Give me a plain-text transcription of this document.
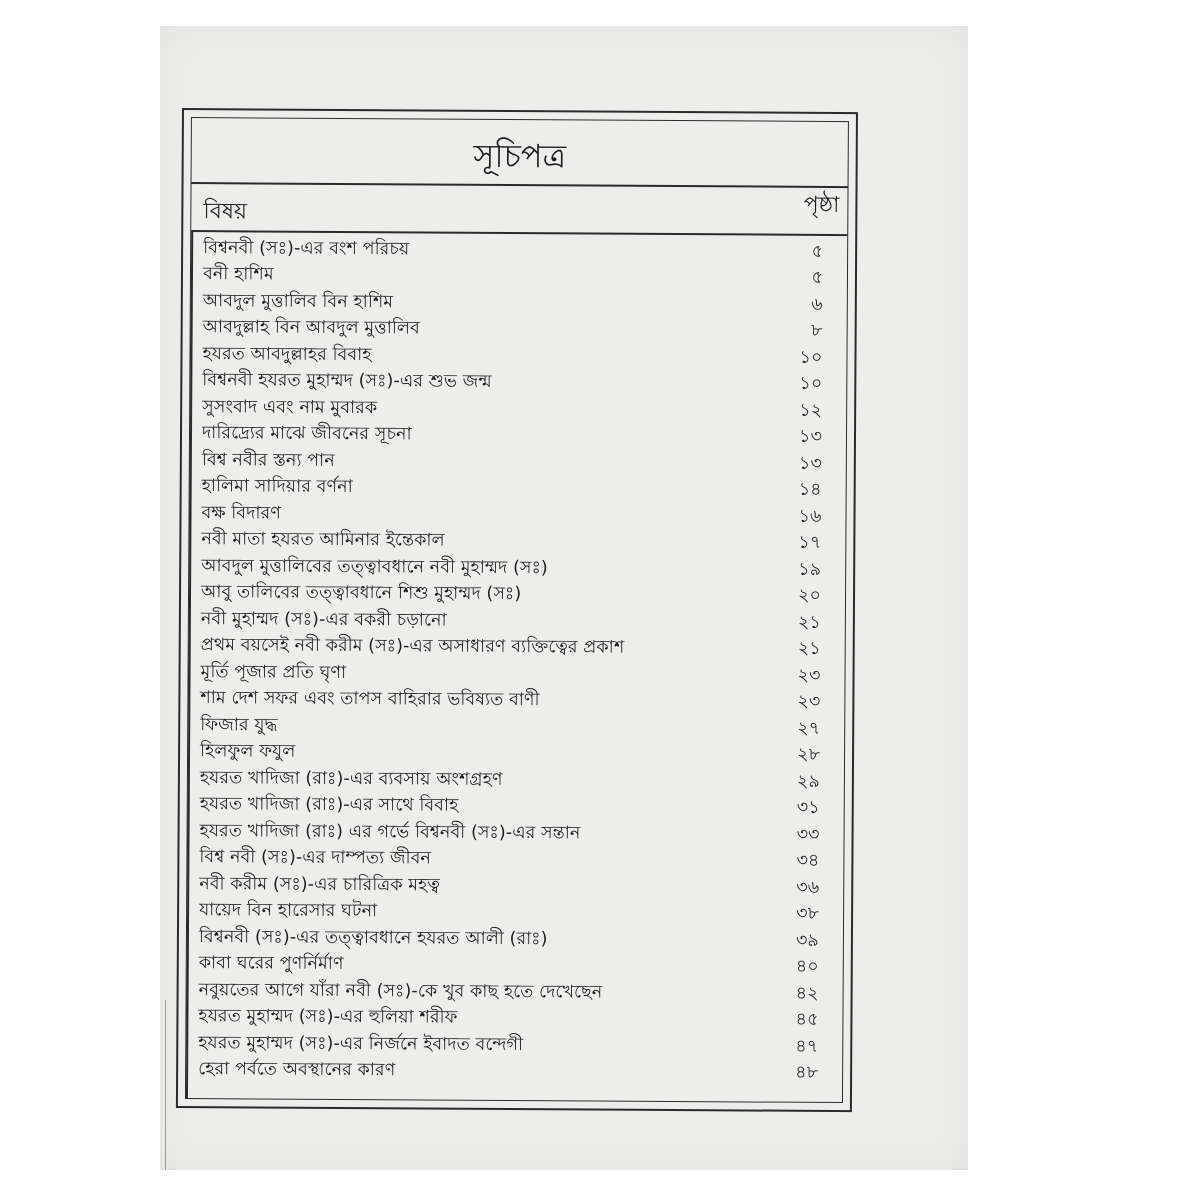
সূচিপত্র
বিষয়	পৃষ্ঠা
বিশ্বনবী (সঃ)-এর বংশ পরিচয়	৫
বনী হাশিম	৫
আবদুল মুত্তালিব বিন হাশিম	৬
আবদুল্লাহ বিন আবদুল মুত্তালিব	৮
হযরত আবদুল্লাহর বিবাহ	১০
বিশ্বনবী হযরত মুহাম্মদ (সঃ)-এর শুভ জন্ম	১০
সুসংবাদ এবং নাম মুবারক	১২
দারিদ্র্যের মাঝে জীবনের সূচনা	১৩
বিশ্ব নবীর স্তন্য পান	১৩
হালিমা সাদিয়ার বর্ণনা	১৪
বক্ষ বিদারণ	১৬
নবী মাতা হযরত আমিনার ইন্তেকাল	১৭
আবদুল মুত্তালিবের তত্ত্বাবধানে নবী মুহাম্মদ (সঃ)	১৯
আবু তালিবের তত্ত্বাবধানে শিশু মুহাম্মদ (সঃ)	২০
নবী মুহাম্মদ (সঃ)-এর বকরী চড়ানো	২১
প্রথম বয়সেই নবী করীম (সঃ)-এর অসাধারণ ব্যক্তিত্বের প্রকাশ	২১
মূর্তি পূজার প্রতি ঘৃণা	২৩
শাম দেশ সফর এবং তাপস বাহিরার ভবিষ্যত বাণী	২৩
ফিজার যুদ্ধ	২৭
হিলফুল ফযুল	২৮
হযরত খাদিজা (রাঃ)-এর ব্যবসায় অংশগ্রহণ	২৯
হযরত খাদিজা (রাঃ)-এর সাথে বিবাহ	৩১
হযরত খাদিজা (রাঃ) এর গর্ভে বিশ্বনবী (সঃ)-এর সন্তান	৩৩
বিশ্ব নবী (সঃ)-এর দাম্পত্য জীবন	৩৪
নবী করীম (সঃ)-এর চারিত্রিক মহত্ব	৩৬
যায়েদ বিন হারেসার ঘটনা	৩৮
বিশ্বনবী (সঃ)-এর তত্ত্বাবধানে হযরত আলী (রাঃ)	৩৯
কাবা ঘরের পুণর্নির্মাণ	৪০
নবুয়তের আগে যাঁরা নবী (সঃ)-কে খুব কাছ হতে দেখেছেন	৪২
হযরত মুহাম্মদ (সঃ)-এর হুলিয়া শরীফ	৪৫
হযরত মুহাম্মদ (সঃ)-এর নির্জনে ইবাদত বন্দেগী	৪৭
হেরা পর্বতে অবস্থানের কারণ	৪৮
